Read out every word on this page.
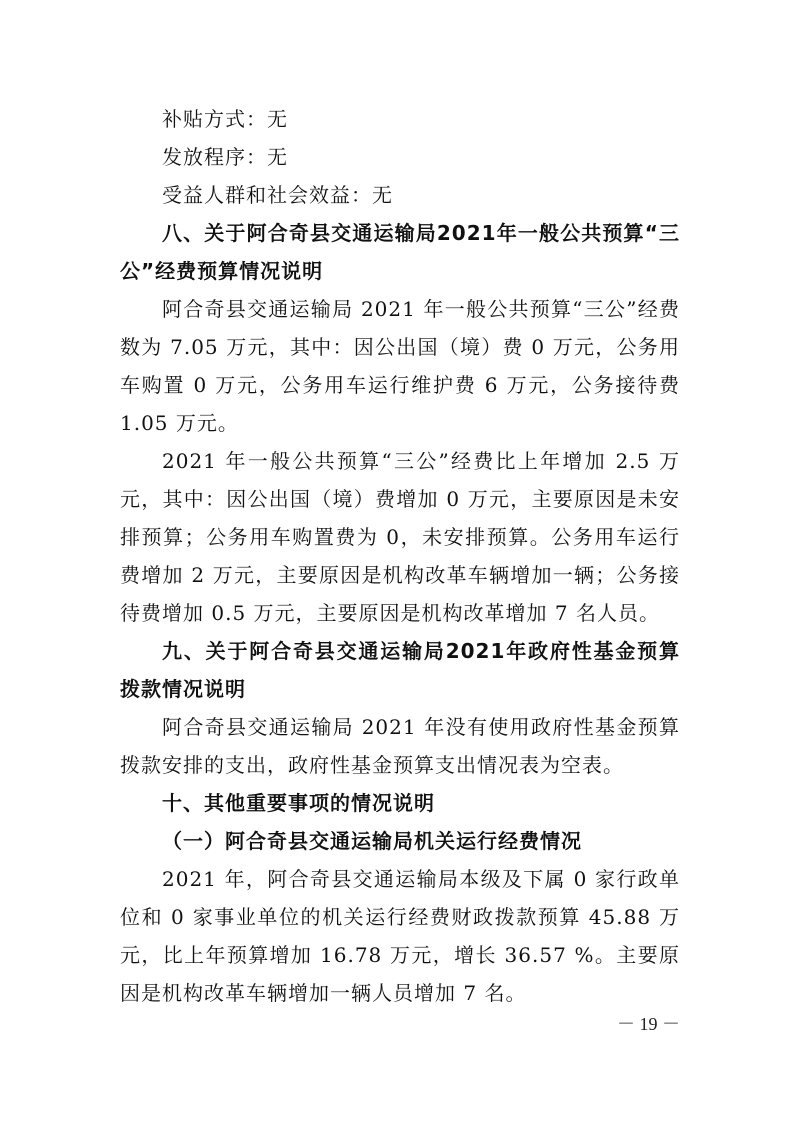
补贴方式：无

发放程序：无

受益人群和社会效益：无

八、关于阿合奇县交通运输局2021年一般公共预算“三公”经费预算情况说明

阿合奇县交通运输局 2021 年一般公共预算“三公”经费数为 7.05 万元，其中：因公出国（境）费 0 万元，公务用车购置 0 万元，公务用车运行维护费 6 万元，公务接待费 1.05 万元。

2021 年一般公共预算“三公”经费比上年增加 2.5 万元，其中：因公出国（境）费增加 0 万元，主要原因是未安排预算；公务用车购置费为 0，未安排预算。公务用车运行费增加 2 万元，主要原因是机构改革车辆增加一辆；公务接待费增加 0.5 万元，主要原因是机构改革增加 7 名人员。

九、关于阿合奇县交通运输局2021年政府性基金预算拨款情况说明

阿合奇县交通运输局 2021 年没有使用政府性基金预算拨款安排的支出，政府性基金预算支出情况表为空表。

十、其他重要事项的情况说明

（一）阿合奇县交通运输局机关运行经费情况

2021 年，阿合奇县交通运输局本级及下属 0 家行政单位和 0 家事业单位的机关运行经费财政拨款预算 45.88 万元，比上年预算增加 16.78 万元，增长 36.57 %。主要原因是机构改革车辆增加一辆人员增加 7 名。

－ 19 －
